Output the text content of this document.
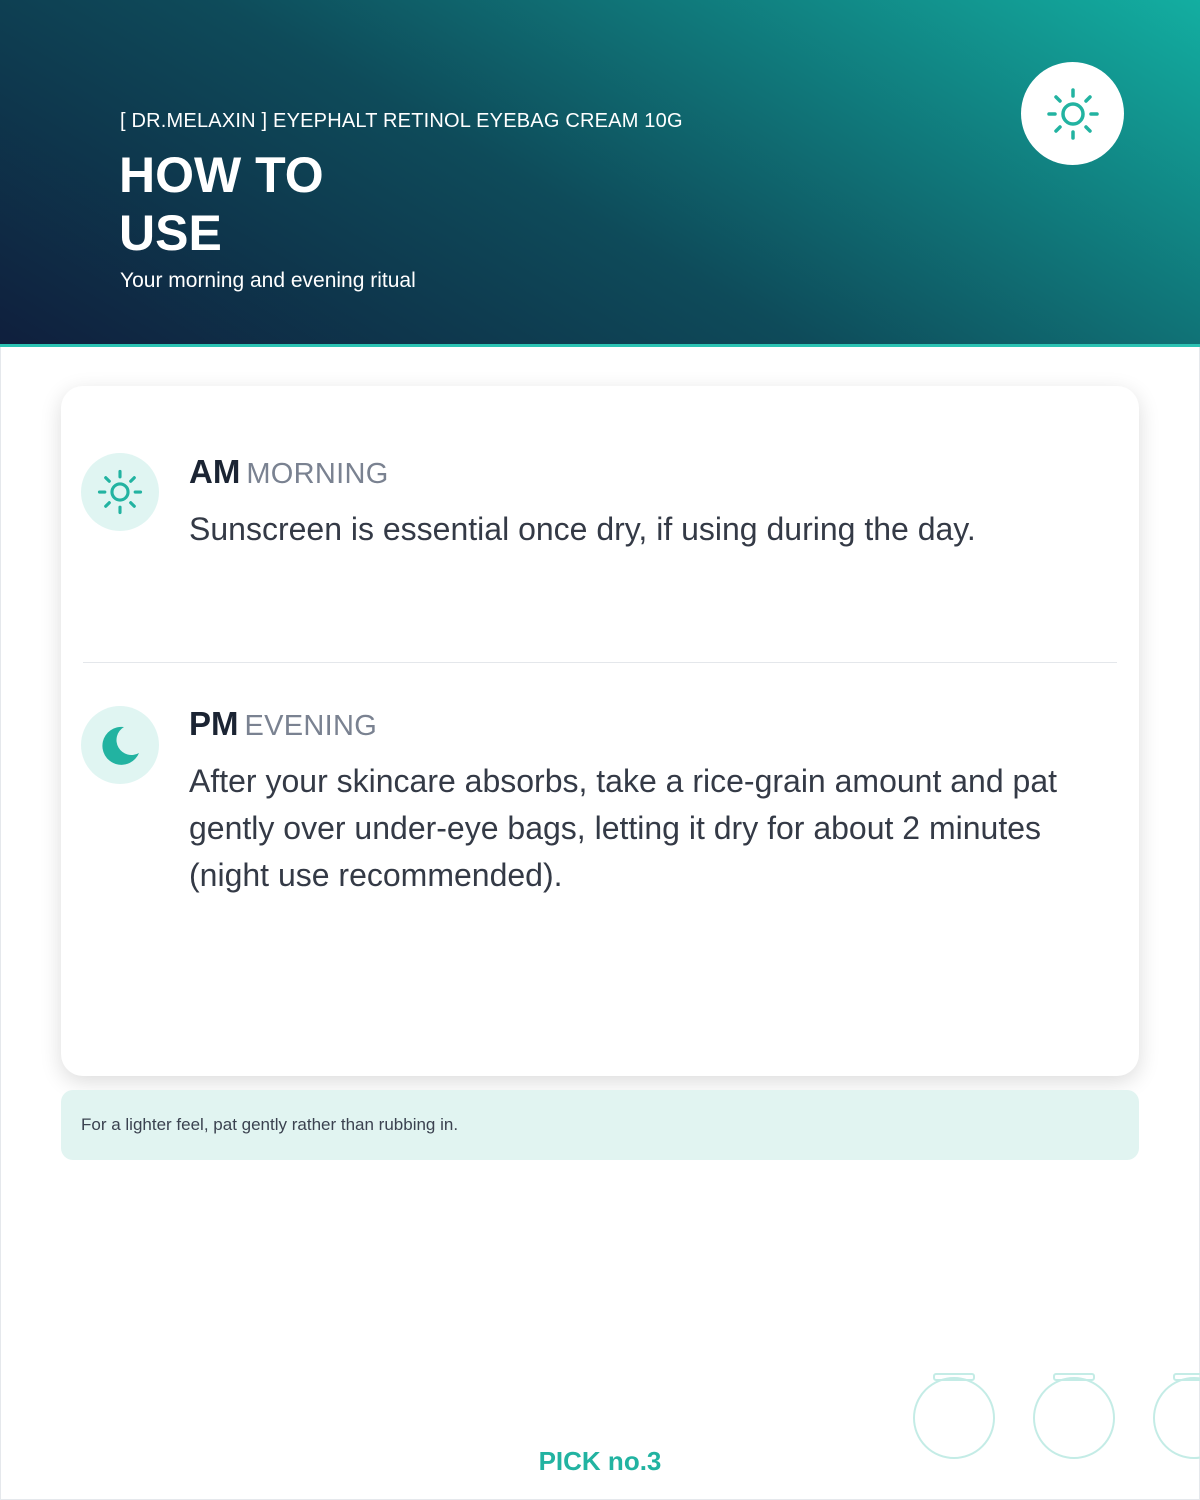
[ DR.MELAXIN ] EYEPHALT RETINOL EYEBAG CREAM 10G
HOW TO
USE
Your morning and evening ritual
AM MORNING
Sunscreen is essential once dry, if using during the day.
PM EVENING
After your skincare absorbs, take a rice-grain amount and pat gently over under-eye bags, letting it dry for about 2 minutes (night use recommended).
For a lighter feel, pat gently rather than rubbing in.
PICK no.3
